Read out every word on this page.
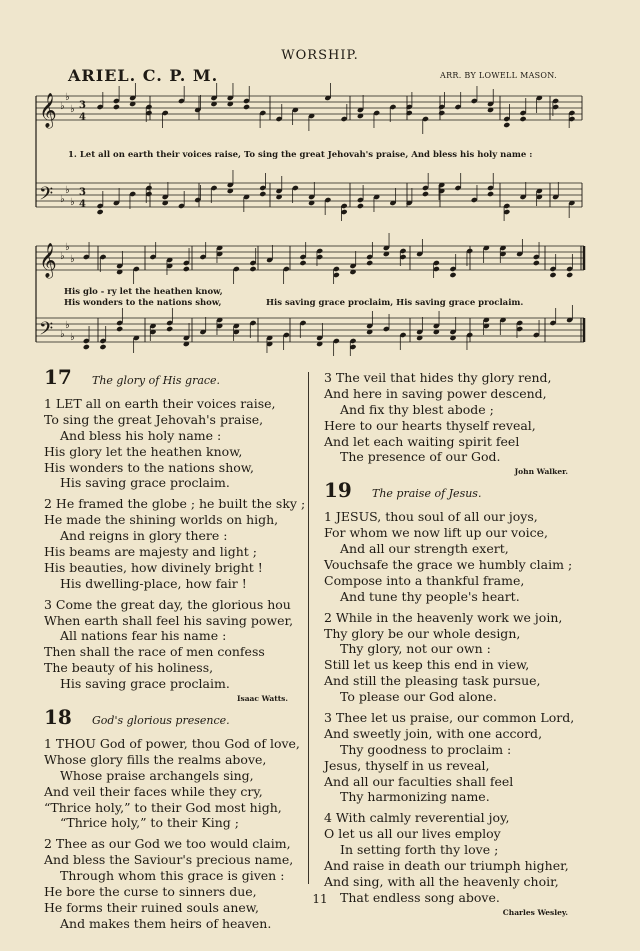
WORSHIP.
ARIEL. C. P. M.	ARR. BY LOWELL MASON.
𝄞
𝄢
♭
♭
♭
♭
♭
♭
3
4
3
4
𝄞
𝄢
♭
♭
♭
♭
♭
♭
1. Let all on earth their voices raise, To sing the great Jehovah's praise, And bless his holy name :
His glo - ry let the heathen know,
His wonders to the nations show,	His saving grace proclaim, His saving grace proclaim.
17	The glory of His grace.
1 LET all on earth their voices raise,
To sing the great Jehovah's praise,
And bless his holy name :
His glory let the heathen know,
His wonders to the nations show,
His saving grace proclaim.
2 He framed the globe ; he built the sky ;
He made the shining worlds on high,
And reigns in glory there :
His beams are majesty and light ;
His beauties, how divinely bright !
His dwelling-place, how fair !
3 Come the great day, the glorious hou
When earth shall feel his saving power,
All nations fear his name :
Then shall the race of men confess
The beauty of his holiness,
His saving grace proclaim.
Isaac Watts.
18	God's glorious presence.
1 THOU God of power, thou God of love,
Whose glory fills the realms above,
Whose praise archangels sing,
And veil their faces while they cry,
“Thrice holy,” to their God most high,
“Thrice holy,” to their King ;
2 Thee as our God we too would claim,
And bless the Saviour's precious name,
Through whom this grace is given :
He bore the curse to sinners due,
He forms their ruined souls anew,
And makes them heirs of heaven.
3 The veil that hides thy glory rend,
And here in saving power descend,
And fix thy blest abode ;
Here to our hearts thyself reveal,
And let each waiting spirit feel
The presence of our God.
John Walker.
19	The praise of Jesus.
1 JESUS, thou soul of all our joys,
For whom we now lift up our voice,
And all our strength exert,
Vouchsafe the grace we humbly claim ;
Compose into a thankful frame,
And tune thy people's heart.
2 While in the heavenly work we join,
Thy glory be our whole design,
Thy glory, not our own :
Still let us keep this end in view,
And still the pleasing task pursue,
To please our God alone.
3 Thee let us praise, our common Lord,
And sweetly join, with one accord,
Thy goodness to proclaim :
Jesus, thyself in us reveal,
And all our faculties shall feel
Thy harmonizing name.
4 With calmly reverential joy,
O let us all our lives employ
In setting forth thy love ;
And raise in death our triumph higher,
And sing, with all the heavenly choir,
That endless song above.
Charles Wesley.
11
